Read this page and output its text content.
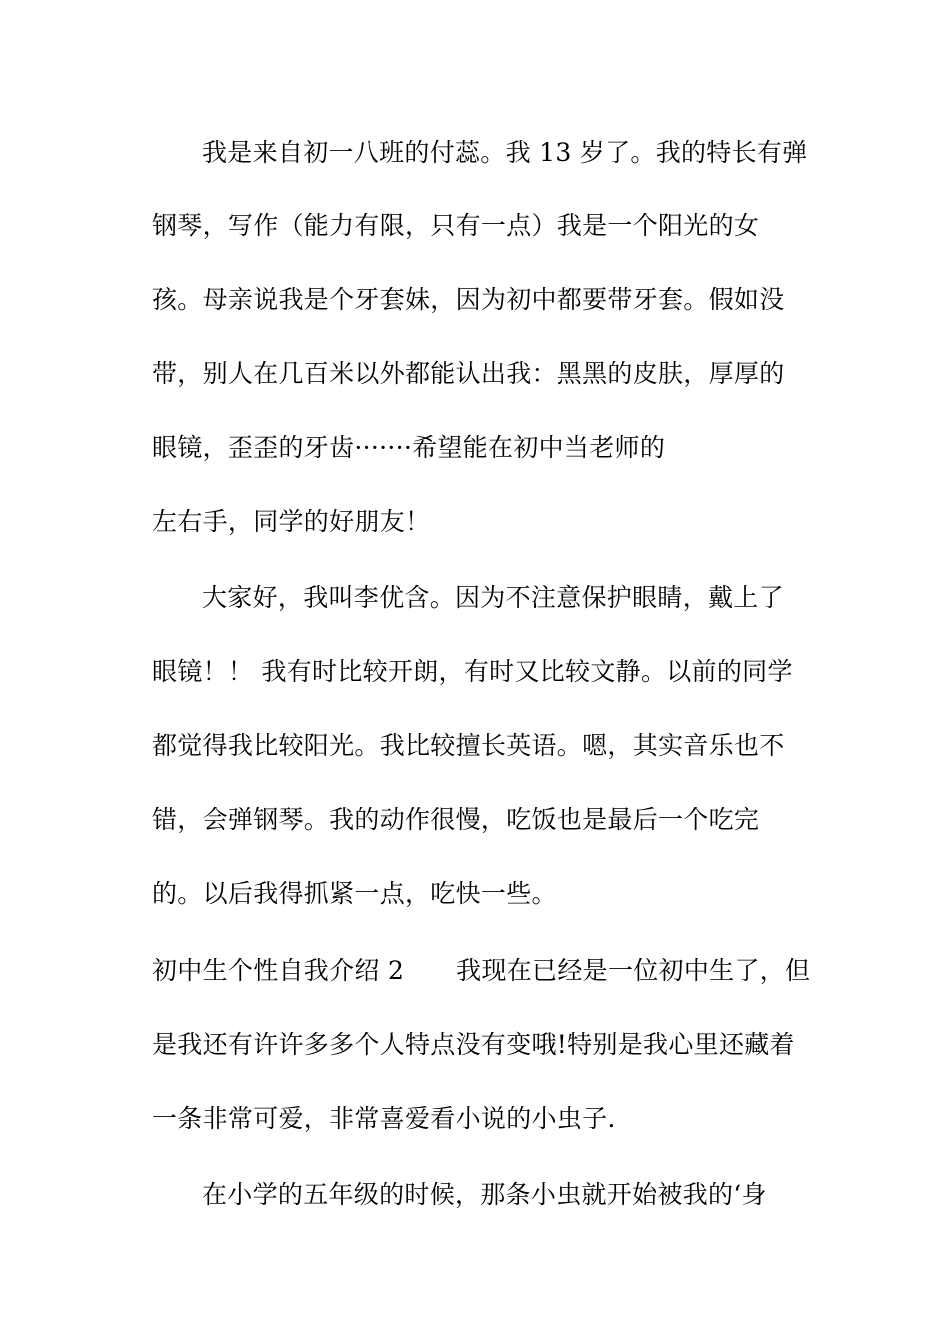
我是来自初一八班的付蕊。我 13 岁了。我的特长有弹
钢琴，写作（能力有限，只有一点）我是一个阳光的女
孩。母亲说我是个牙套妹，因为初中都要带牙套。假如没
带，别人在几百米以外都能认出我：黑黑的皮肤，厚厚的
眼镜，歪歪的牙齿·······希望能在初中当老师的
左右手，同学的好朋友！
大家好，我叫李优含。因为不注意保护眼睛，戴上了
眼镜！！ 我有时比较开朗，有时又比较文静。以前的同学
都觉得我比较阳光。我比较擅长英语。嗯，其实音乐也不
错，会弹钢琴。我的动作很慢，吃饭也是最后一个吃完
的。以后我得抓紧一点，吃快一些。
初中生个性自我介绍 2 我现在已经是一位初中生了，但
是我还有许许多多个人特点没有变哦!特别是我心里还藏着
一条非常可爱，非常喜爱看小说的小虫子.
在小学的五年级的时候，那条小虫就开始被我的‘身
